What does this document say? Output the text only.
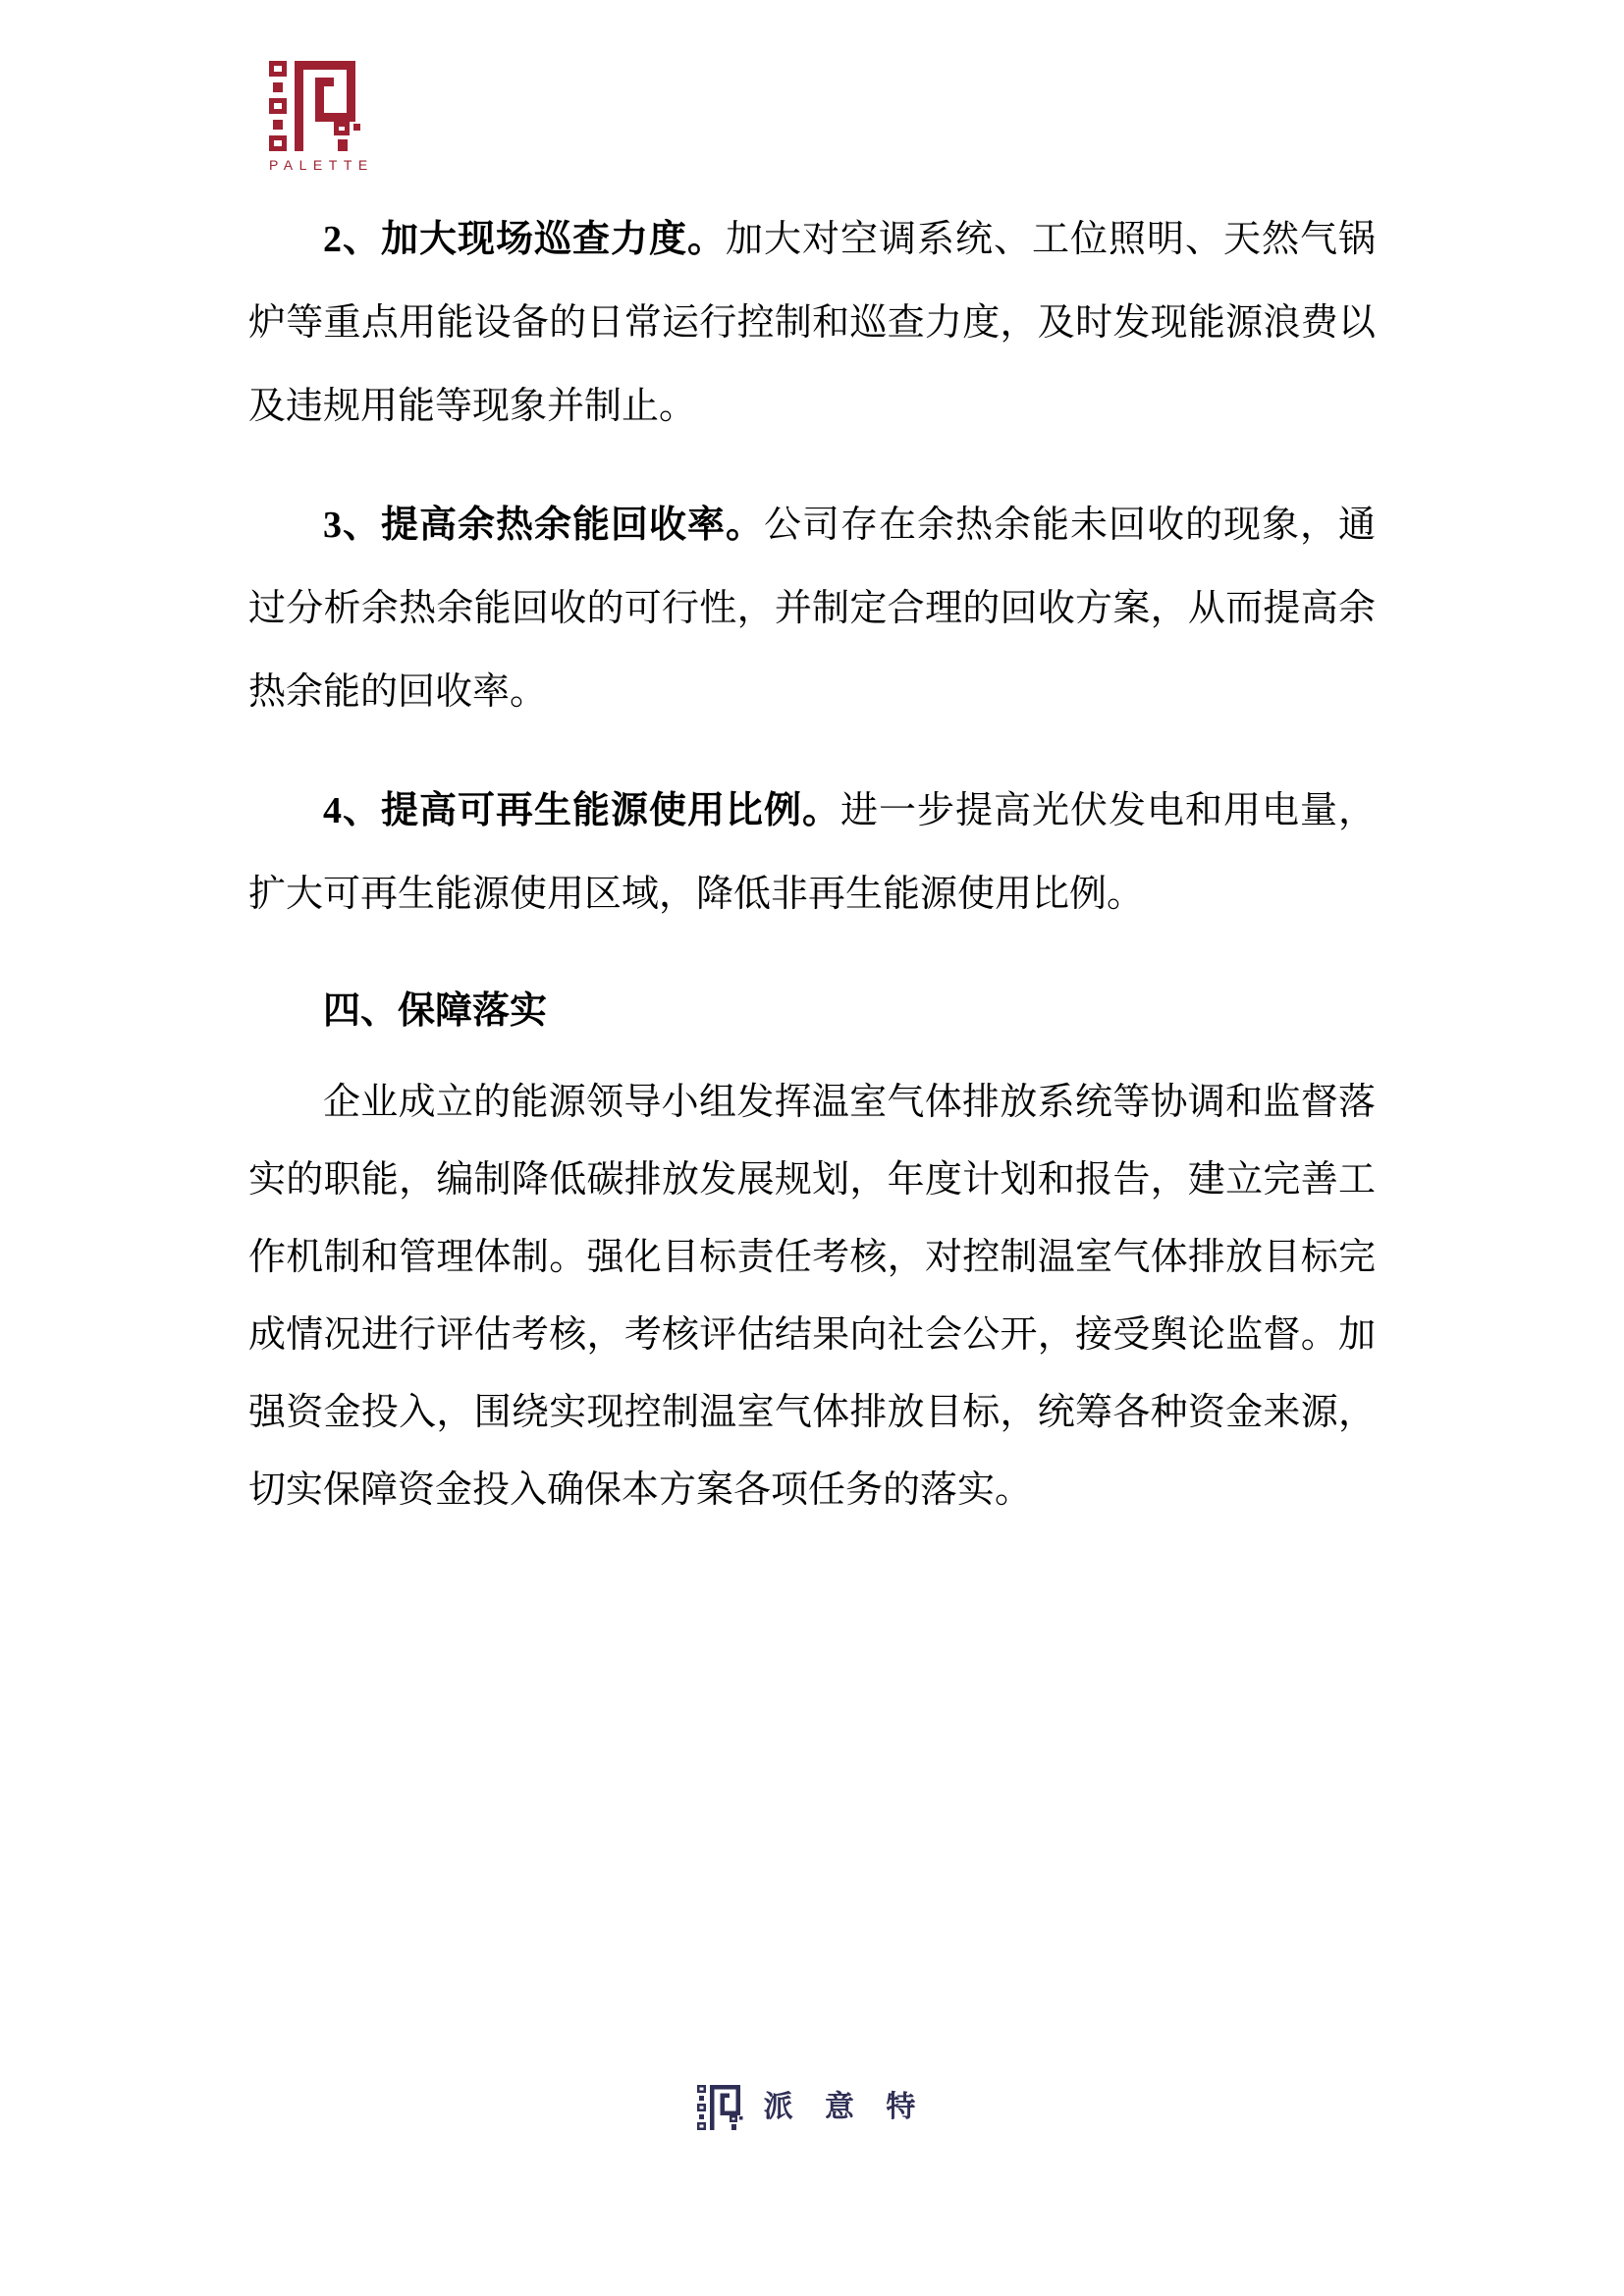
PALETTE

2、加大现场巡查力度。加大对空调系统、工位照明、天然气锅炉等重点用能设备的日常运行控制和巡查力度，及时发现能源浪费以及违规用能等现象并制止。

3、提高余热余能回收率。公司存在余热余能未回收的现象，通过分析余热余能回收的可行性，并制定合理的回收方案，从而提高余热余能的回收率。

4、提高可再生能源使用比例。进一步提高光伏发电和用电量，扩大可再生能源使用区域，降低非再生能源使用比例。

四、保障落实

企业成立的能源领导小组发挥温室气体排放系统等协调和监督落实的职能，编制降低碳排放发展规划，年度计划和报告，建立完善工作机制和管理体制。强化目标责任考核，对控制温室气体排放目标完成情况进行评估考核，考核评估结果向社会公开，接受舆论监督。加强资金投入，围绕实现控制温室气体排放目标，统筹各种资金来源，切实保障资金投入确保本方案各项任务的落实。

派 意 特
